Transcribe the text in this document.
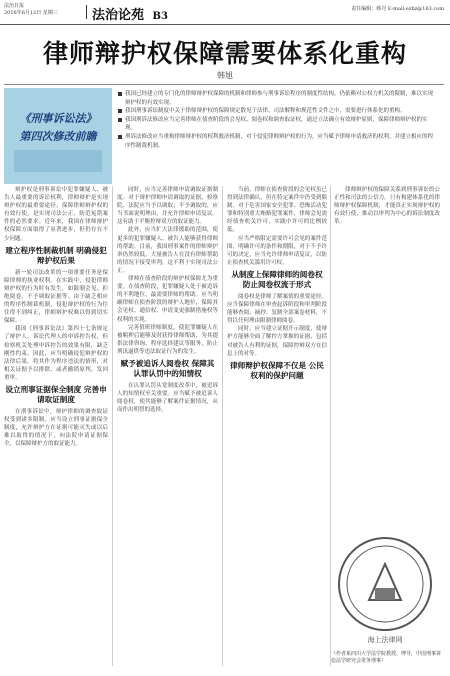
法治日报
2016年6月12日 星期三	法治论苑 B3
责任编辑：韩丹 E-mail:ezhz@163.com
律师辩护权保障需要体系化重构
韩旭
《刑事诉讼法》
第四次修改前瞻
我国已经建立的专门化的律师辩护权保障的机制和律师参与刑事诉讼程序的制度性结构，仍依赖对公权力机关的限制，难以实现辩护权的有效实现。
我国刑事诉讼制度中关于律师辩护权的保障规定散见于法律、司法解释和规范性文件之中，需要进行体系化的重构。
我国刑诉法修改应当完善律师在侦查阶段的会见权、阅卷权和调查取证权，通过立法确立有效辩护原则，保障律师辩护权的实现。
刑诉法修改应当重构律师辩护权的权利救济机制，对于侵犯律师辩护权的行为，应当赋予律师申请救济的权利，并建立相应的程序性制裁机制。

辩护权是刑事诉讼中犯罪嫌疑人、被告人最重要的诉讼权利，律师辩护是实现辩护权的最重要途径。保障律师辩护权的有效行使，是实现司法公正、防范冤错案件的必然要求。近年来，我国在律师辩护权保障方面取得了显著进步，但仍存在不少问题。

建立程序性制裁机制 明确侵犯辩护权后果

新一轮司法改革的一项重要任务是保障律师的执业权利。在实践中，侵犯律师辩护权的行为时有发生，如限制会见、拒绝阅卷、不予调取证据等。由于缺乏相应的程序性制裁机制，侵犯辩护权的行为往往得不到纠正，律师辩护权难以得到切实保障。

我国《刑事诉讼法》第四十七条规定了辩护人、诉讼代理人的申诉控告权，但检察机关处理申诉控告的效果有限，缺乏刚性约束。因此，应当明确侵犯辩护权的法律后果，将其作为程序违法的情形，对相关证据予以排除，或者撤销原判、发回重审。

设立刑事证据保全制度 完善申请取证制度

在刑事诉讼中，辩护律师的调查取证权受到诸多限制。应当设立刑事证据保全制度，允许辩护方在证据可能灭失或以后难以取得的情况下，向法院申请证据保全，以保障辩护方的取证能力。

同时，应当完善律师申请调取证据制度。对于辩护律师申请调取的证据，检察院、法院应当予以调取；不予调取的，应当书面说明理由，并允许律师申请复议。这有助于平衡控辩双方的取证能力。

此外，应当扩大法律援助的范围，使更多的犯罪嫌疑人、被告人能够获得律师的帮助。目前，我国刑事案件的律师辩护率仍然较低，大量被告人在没有律师帮助的情况下接受审判，这不利于实现司法公正。

律师在侦查阶段的辩护权保障尤为重要。在侦查阶段，犯罪嫌疑人处于被追诉的不利地位，最需要律师的帮助。应当明确律师在侦查阶段的辩护人地位，保障其会见权、通信权、申请变更强制措施权等权利的实现。

完善值班律师制度，使犯罪嫌疑人在被羁押后能够及时获得律师帮助，为其提供法律咨询、程序选择建议等服务，防止刑讯逼供等违法取证行为的发生。

赋予被追诉人阅卷权 保障其认罪认罚中的知情权

在认罪认罚从宽制度改革中，被追诉人的知情权至关重要。应当赋予被追诉人阅卷权，使其能够了解案件证据情况，从而作出明智的选择。

当前，律师在侦查阶段的会见权虽已得到法律确认，但在特定案件中仍受到限制。对于危害国家安全犯罪、恐怖活动犯罪和特别重大贿赂犯罪案件，律师会见需经侦查机关许可，实践中许可的比例较低。

应当严格限定需要许可会见的案件范围，明确许可的条件和期限，对于不予许可的决定，应当允许律师申请复议，以防止侦查机关滥用许可权。

从制度上保障律师的阅卷权 防止阅卷权流于形式

阅卷权是律师了解案情的重要途径。应当保障律师在审查起诉阶段和审判阶段能够查阅、摘抄、复制全部案卷材料，不得以任何理由限制律师阅卷。

同时，应当建立证据开示制度，使辩护方能够全面了解控方掌握的证据，包括对被告人有利的证据，保障控辩双方在信息上的对等。

律师辩护权保障不仅是 公民权利的保护问题

律师辩护权的保障关系到刑事诉讼的公正性和司法的公信力。只有构建体系化的律师辩护权保障机制，才能真正实现辩护权的有效行使，推动以审判为中心的诉讼制度改革。

海上法律网
（作者系四川大学法学院教授、博导，中国刑事诉讼法学研究会常务理事）
